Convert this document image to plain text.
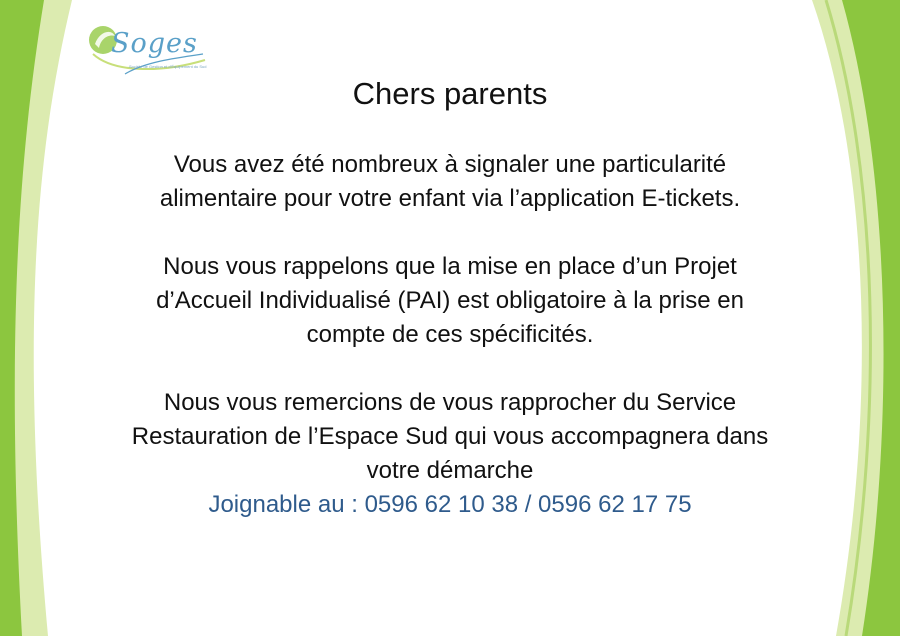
Soges
Société de Gestion et d'Équipement du Sud
Chers parents
Vous avez été nombreux à signaler une particularité
alimentaire pour votre enfant via l’application E-tickets.
Nous vous rappelons que la mise en place d’un Projet
d’Accueil Individualisé (PAI) est obligatoire à la prise en
compte de ces spécificités.
Nous vous remercions de vous rapprocher du Service
Restauration de l’Espace Sud qui vous accompagnera dans
votre démarche
Joignable au : 0596 62 10 38 / 0596 62 17 75
